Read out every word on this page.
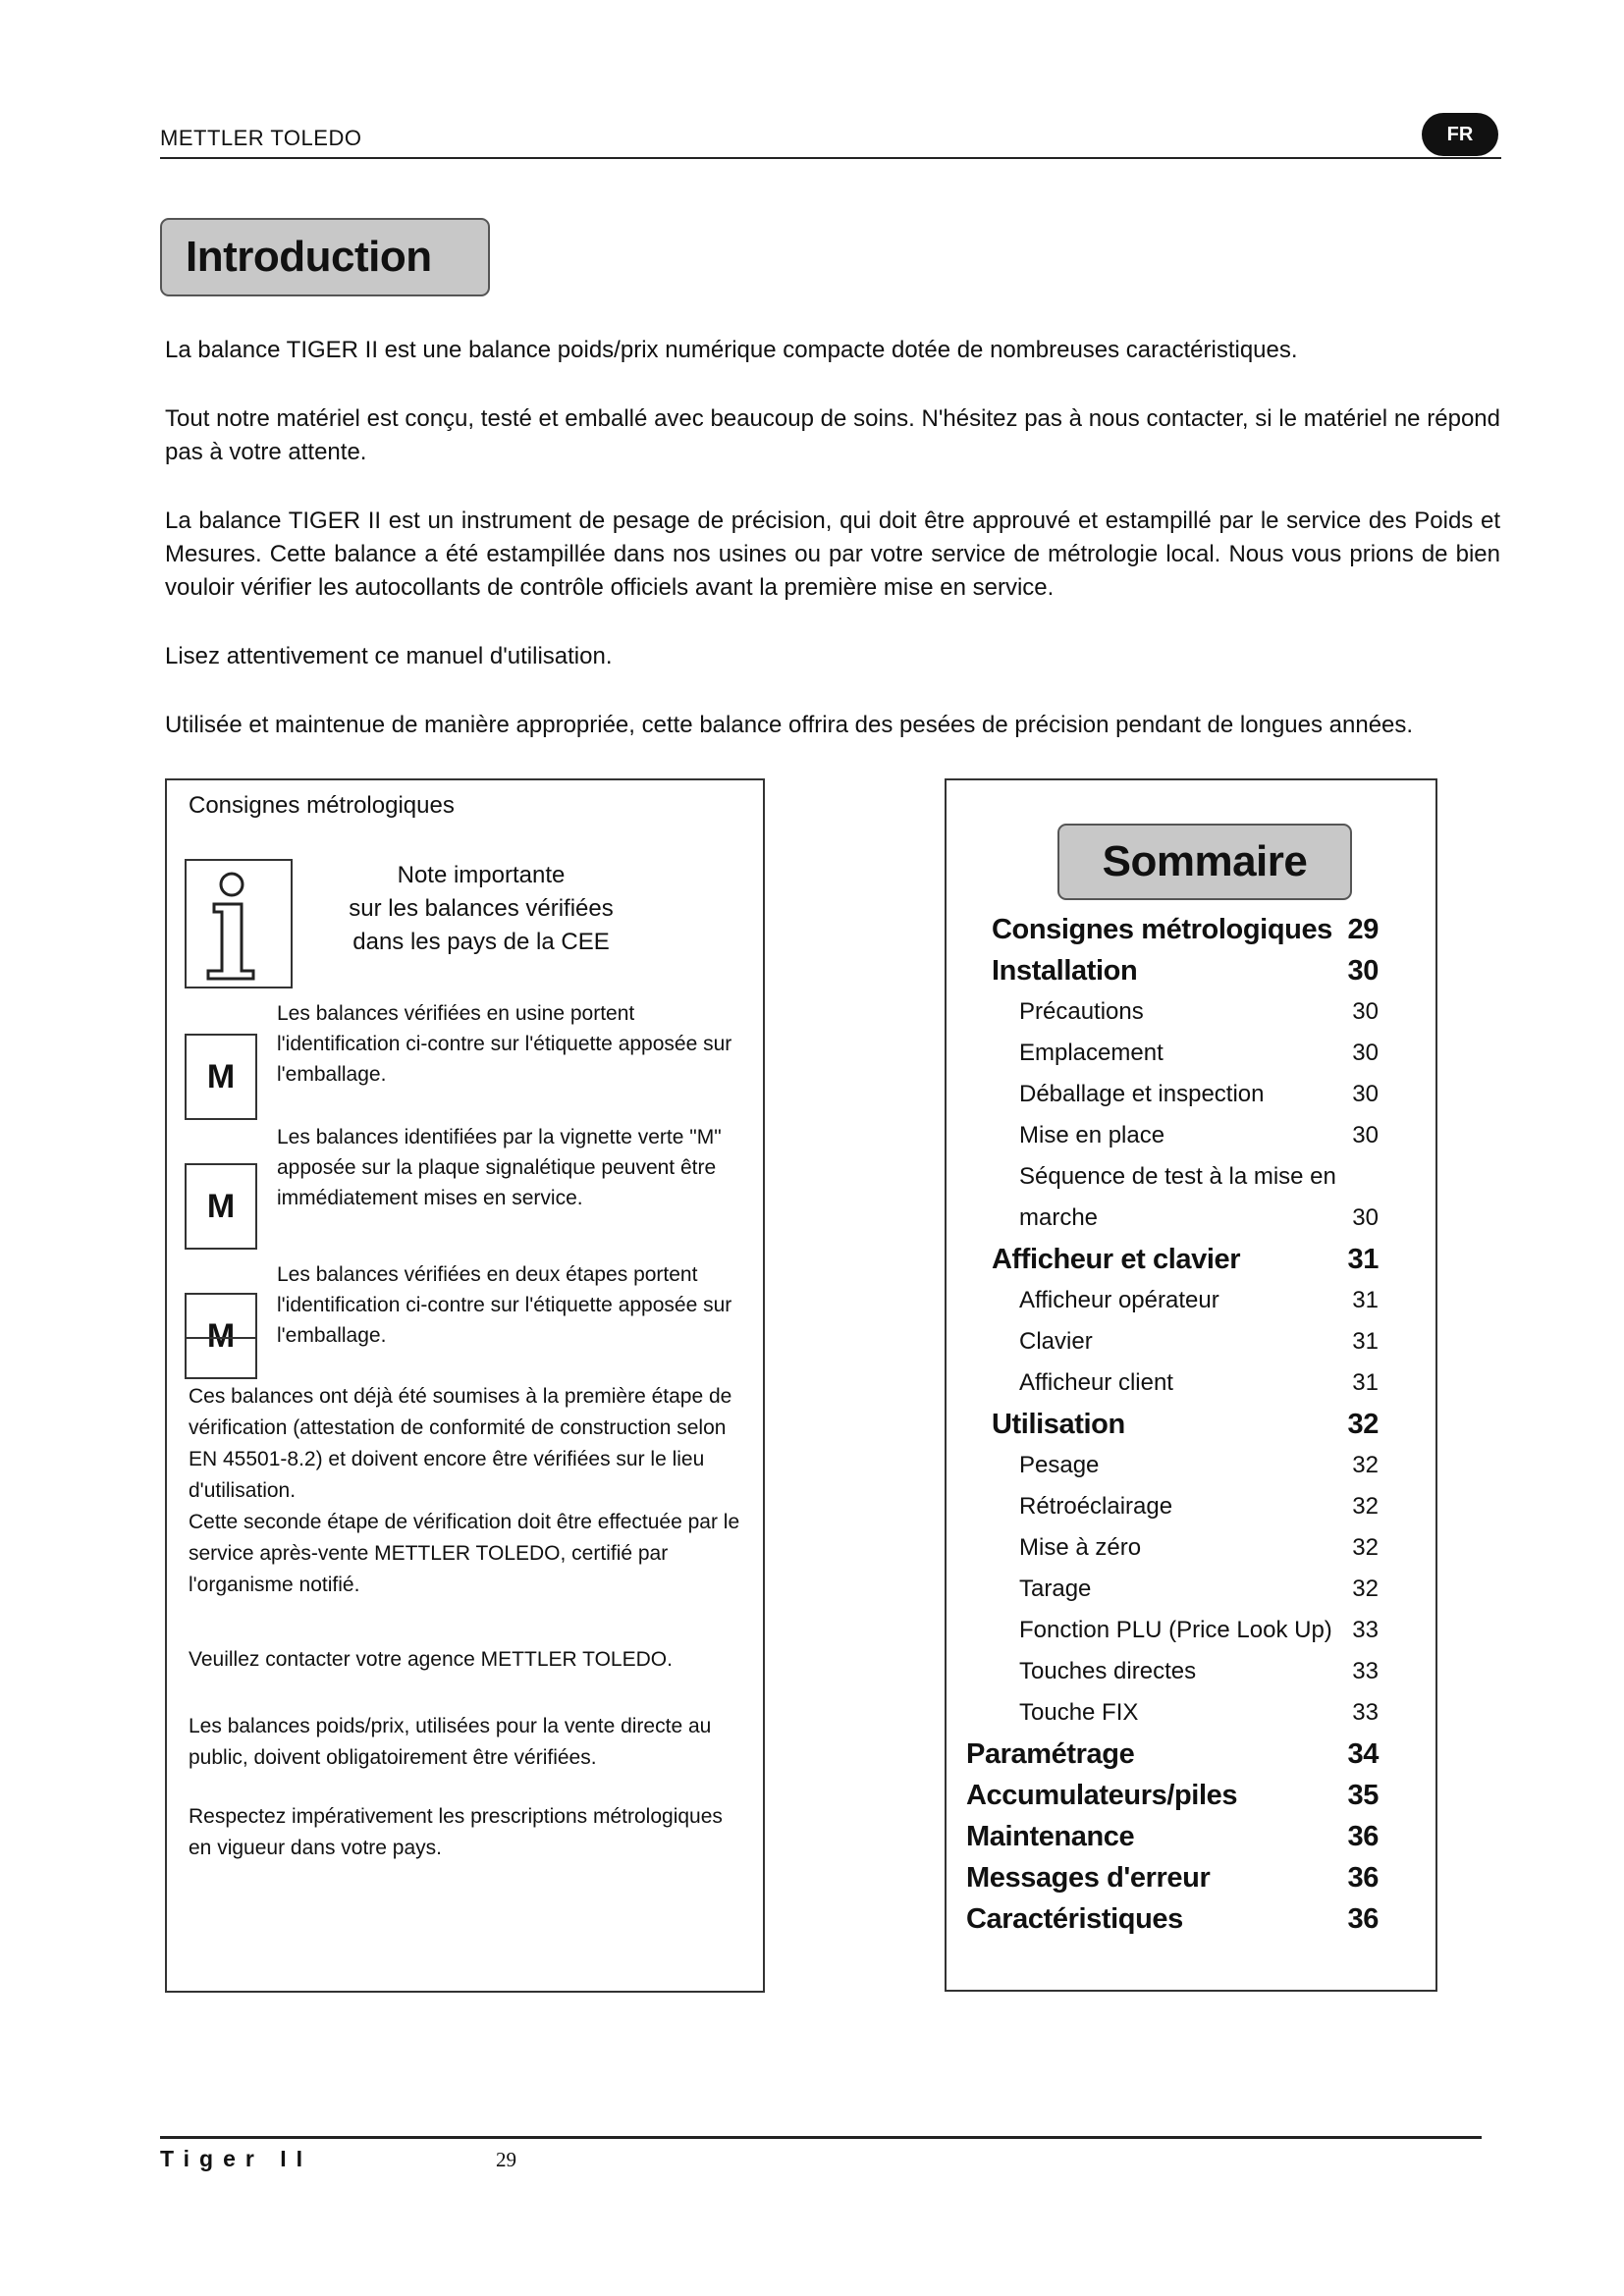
METTLER TOLEDO	FR
Introduction

La balance TIGER II est une balance poids/prix numérique compacte dotée de nombreuses caractéristiques.

Tout notre matériel est conçu, testé et emballé avec beaucoup de soins. N'hésitez pas à nous contacter, si le matériel ne répond pas à votre attente.

La balance TIGER II est un instrument de pesage de précision, qui doit être approuvé et estampillé par le service des Poids et Mesures. Cette balance a été estampillée dans nos usines ou par votre service de métrologie local. Nous vous prions de bien vouloir vérifier les autocollants de contrôle officiels avant la première mise en service.

Lisez attentivement ce manuel d'utilisation.

Utilisée et maintenue de manière appropriée, cette balance offrira des pesées de précision pendant de longues années.

Consignes métrologiques
Note importante
sur les balances vérifiées
dans les pays de la CEE
M
Les balances vérifiées en usine portent l'identification ci-contre sur l'étiquette apposée sur l'emballage.
M
Les balances identifiées par la vignette verte "M" apposée sur la plaque signalétique peuvent être immédiatement mises en service.
M
Les balances vérifiées en deux étapes portent l'identification ci-contre sur l'étiquette apposée sur l'emballage.

Ces balances ont déjà été soumises à la première étape de vérification (attestation de conformité de construction selon EN 45501-8.2) et doivent encore être vérifiées sur le lieu d'utilisation.

Cette seconde étape de vérification doit être effectuée par le service après-vente METTLER TOLEDO, certifié par l'organisme notifié.

Veuillez contacter votre agence METTLER TOLEDO.
Les balances poids/prix, utilisées pour la vente directe au public, doivent obligatoirement être vérifiées.
Respectez impérativement les prescriptions métrologiques en vigueur dans votre pays.
Sommaire
Consignes métrologiques 29
Installation	30
Précautions	30
Emplacement	30
Déballage et inspection	30
Mise en place	30
Séquence de test à la mise en
marche	30
Afficheur et clavier	31
Afficheur opérateur	31
Clavier	31
Afficheur client	31
Utilisation	32
Pesage	32
Rétroéclairage	32
Mise à zéro	32
Tarage	32
Fonction PLU (Price Look Up) 33
Touches directes	33
Touche FIX	33
Paramétrage	34
Accumulateurs/piles	35
Maintenance	36
Messages d'erreur	36
Caractéristiques	36
Tiger II	29
